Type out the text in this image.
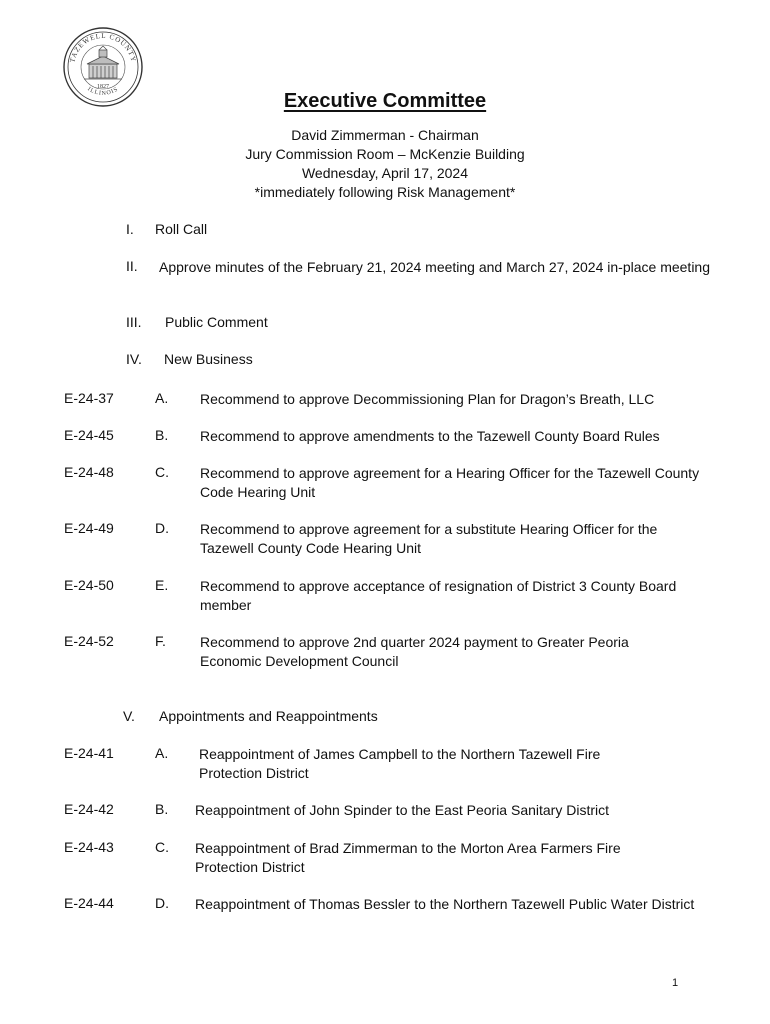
TAZEWELL COUNTY
ILLINOIS
1827
Executive Committee
David Zimmerman - Chairman
Jury Commission Room – McKenzie Building
Wednesday, April 17, 2024
*immediately following Risk Management*
I. Roll Call
II. Approve minutes of the February 21, 2024 meeting and March 27, 2024 in-place meeting
III. Public Comment
IV. New Business
E-24-37	A. Recommend to approve Decommissioning Plan for Dragon’s Breath, LLC
E-24-45	B. Recommend to approve amendments to the Tazewell County Board Rules
E-24-48	C. Recommend to approve agreement for a Hearing Officer for the Tazewell County Code Hearing Unit
E-24-49	D. Recommend to approve agreement for a substitute Hearing Officer for the Tazewell County Code Hearing Unit
E-24-50	E. Recommend to approve acceptance of resignation of District 3 County Board member
E-24-52	F. Recommend to approve 2nd quarter 2024 payment to Greater Peoria Economic Development Council
V. Appointments and Reappointments
E-24-41	A. Reappointment of James Campbell to the Northern Tazewell Fire Protection District
E-24-42	B. Reappointment of John Spinder to the East Peoria Sanitary District
E-24-43	C. Reappointment of Brad Zimmerman to the Morton Area Farmers Fire Protection District
E-24-44	D. Reappointment of Thomas Bessler to the Northern Tazewell Public Water District
1
